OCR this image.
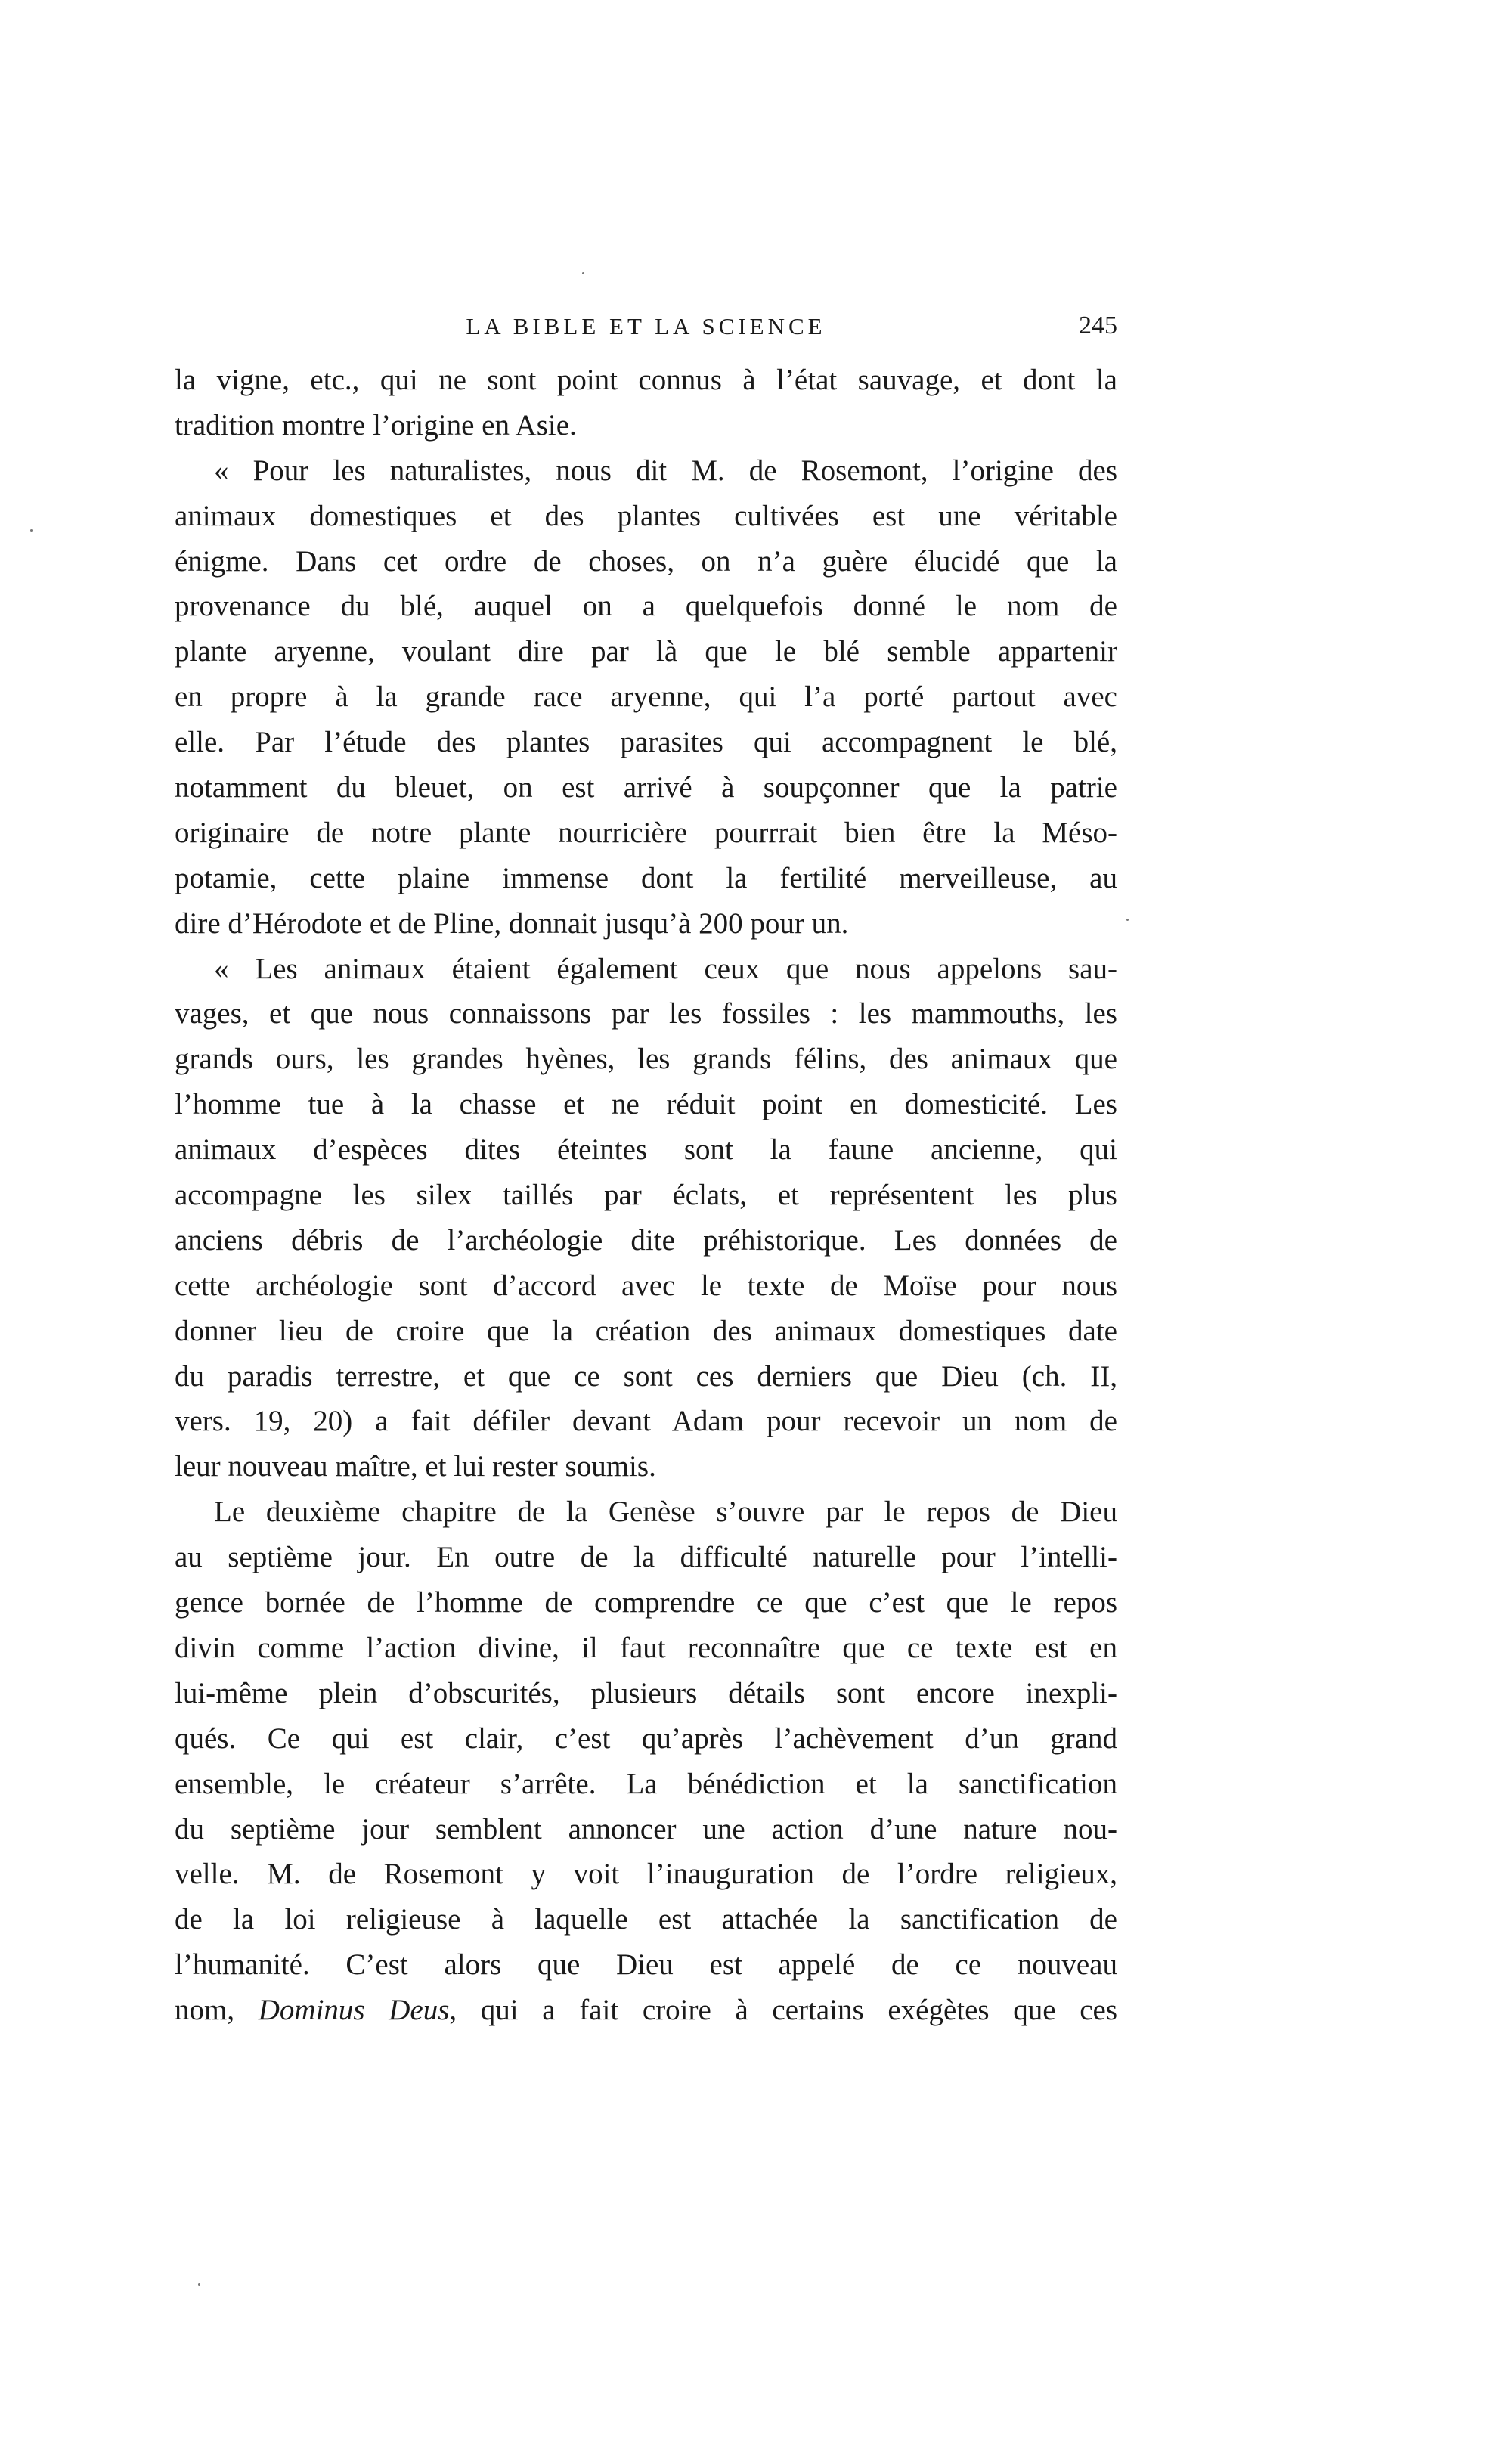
LA BIBLE ET LA SCIENCE	245
la vigne, etc., qui ne sont point connus à l’état sauvage, et dont la
tradition montre l’origine en Asie.
« Pour les naturalistes, nous dit M. de Rosemont, l’origine des
animaux domestiques et des plantes cultivées est une véritable
énigme. Dans cet ordre de choses, on n’a guère élucidé que la
provenance du blé, auquel on a quelquefois donné le nom de
plante aryenne, voulant dire par là que le blé semble appartenir
en propre à la grande race aryenne, qui l’a porté partout avec
elle. Par l’étude des plantes parasites qui accompagnent le blé,
notamment du bleuet, on est arrivé à soupçonner que la patrie
originaire de notre plante nourricière pourrrait bien être la Méso-
potamie, cette plaine immense dont la fertilité merveilleuse, au
dire d’Hérodote et de Pline, donnait jusqu’à 200 pour un.
« Les animaux étaient également ceux que nous appelons sau-
vages, et que nous connaissons par les fossiles : les mammouths, les
grands ours, les grandes hyènes, les grands félins, des animaux que
l’homme tue à la chasse et ne réduit point en domesticité. Les
animaux d’espèces dites éteintes sont la faune ancienne, qui
accompagne les silex taillés par éclats, et représentent les plus
anciens débris de l’archéologie dite préhistorique. Les données de
cette archéologie sont d’accord avec le texte de Moïse pour nous
donner lieu de croire que la création des animaux domestiques date
du paradis terrestre, et que ce sont ces derniers que Dieu (ch. II,
vers. 19, 20) a fait défiler devant Adam pour recevoir un nom de
leur nouveau maître, et lui rester soumis.
Le deuxième chapitre de la Genèse s’ouvre par le repos de Dieu
au septième jour. En outre de la difficulté naturelle pour l’intelli-
gence bornée de l’homme de comprendre ce que c’est que le repos
divin comme l’action divine, il faut reconnaître que ce texte est en
lui-même plein d’obscurités, plusieurs détails sont encore inexpli-
qués. Ce qui est clair, c’est qu’après l’achèvement d’un grand
ensemble, le créateur s’arrête. La bénédiction et la sanctification
du septième jour semblent annoncer une action d’une nature nou-
velle. M. de Rosemont y voit l’inauguration de l’ordre religieux,
de la loi religieuse à laquelle est attachée la sanctification de
l’humanité. C’est alors que Dieu est appelé de ce nouveau
nom, Dominus Deus, qui a fait croire à certains exégètes que ces
